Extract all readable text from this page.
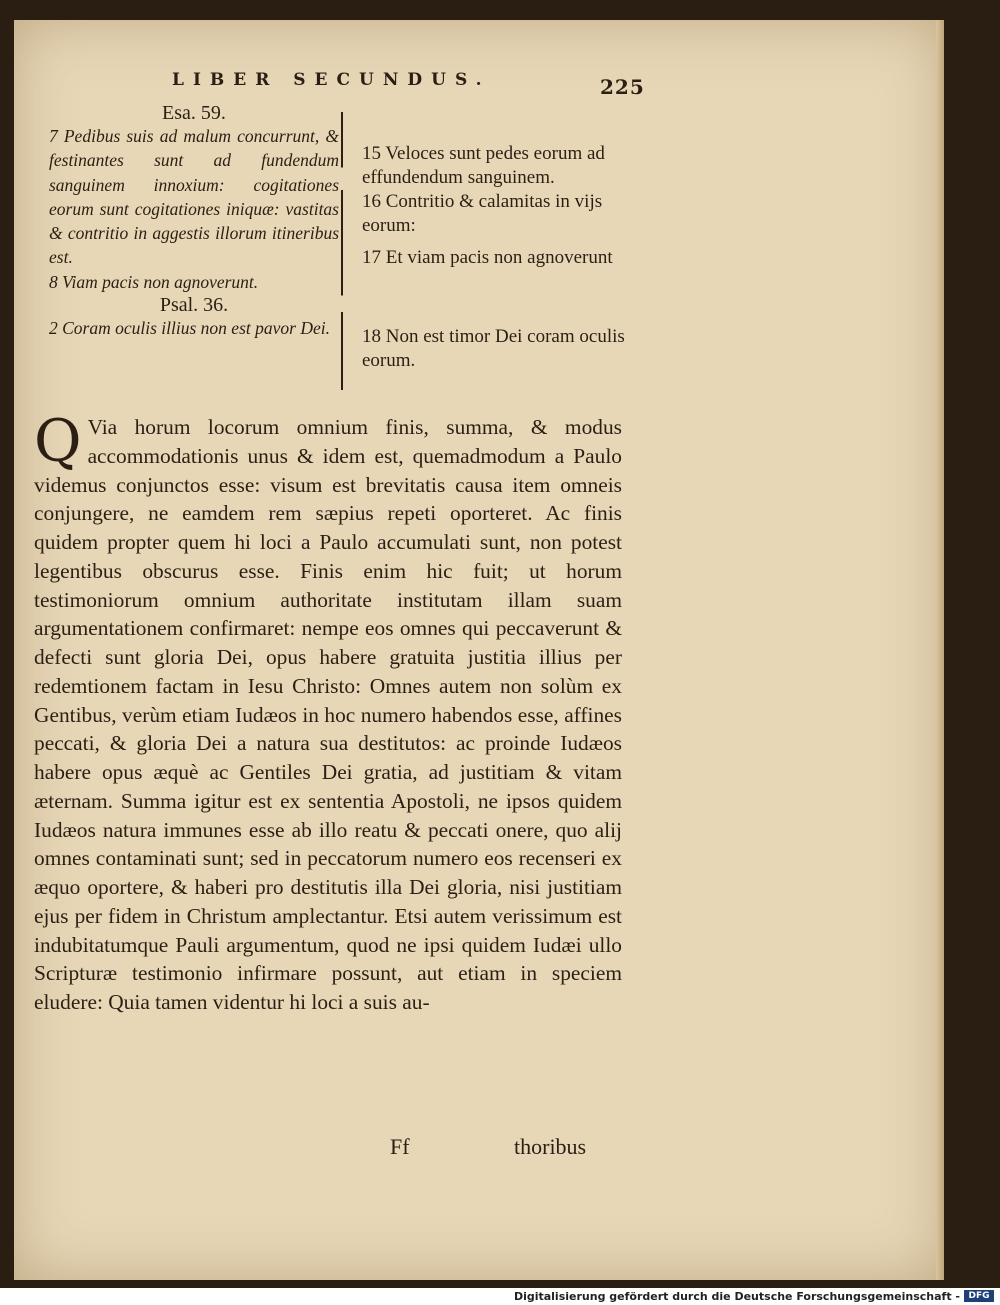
LIBER SECUNDUS.	225
Esa. 59.

7 Pedibus suis ad malum concurrunt, & festinantes sunt ad fundendum sanguinem innoxium: cogitationes eorum sunt cogitationes iniquæ: vastitas & contritio in aggestis illorum itineribus est.

8 Viam pacis non agnoverunt.

Psal. 36.

2 Coram oculis illius non est pavor Dei.

15 Veloces sunt pedes eorum ad effundendum sanguinem.

16 Contritio & calamitas in vijs eorum:

17 Et viam pacis non agnoverunt

18 Non est timor Dei coram oculis eorum.

Q Via horum locorum omnium finis, summa, & modus accommodationis unus & idem est, quemadmodum a Paulo videmus conjunctos esse: visum est brevitatis causa item omneis conjungere, ne eamdem rem sæpius repeti oporteret. Ac finis quidem propter quem hi loci a Paulo accumulati sunt, non potest legentibus obscurus esse. Finis enim hic fuit; ut horum testimoniorum omnium authoritate institutam illam suam argumentationem confirmaret: nempe eos omnes qui peccaverunt & defecti sunt gloria Dei, opus habere gratuita justitia illius per redemtionem factam in Iesu Christo: Omnes autem non solùm ex Gentibus, verùm etiam Iudæos in hoc numero habendos esse, affines peccati, & gloria Dei a natura sua destitutos: ac proinde Iudæos habere opus æquè ac Gentiles Dei gratia, ad justitiam & vitam æternam. Summa igitur est ex sententia Apostoli, ne ipsos quidem Iudæos natura immunes esse ab illo reatu & peccati onere, quo alij omnes contaminati sunt; sed in peccatorum numero eos recenseri ex æquo oportere, & haberi pro destitutis illa Dei gloria, nisi justitiam ejus per fidem in Christum amplectantur. Etsi autem verissimum est indubitatumque Pauli argumentum, quod ne ipsi quidem Iudæi ullo Scripturæ testimonio infirmare possunt, aut etiam in speciem eludere: Quia tamen videntur hi loci a suis au-
Ff	thoribus
Digitalisierung gefördert durch die Deutsche Forschungsgemeinschaft - DFG
